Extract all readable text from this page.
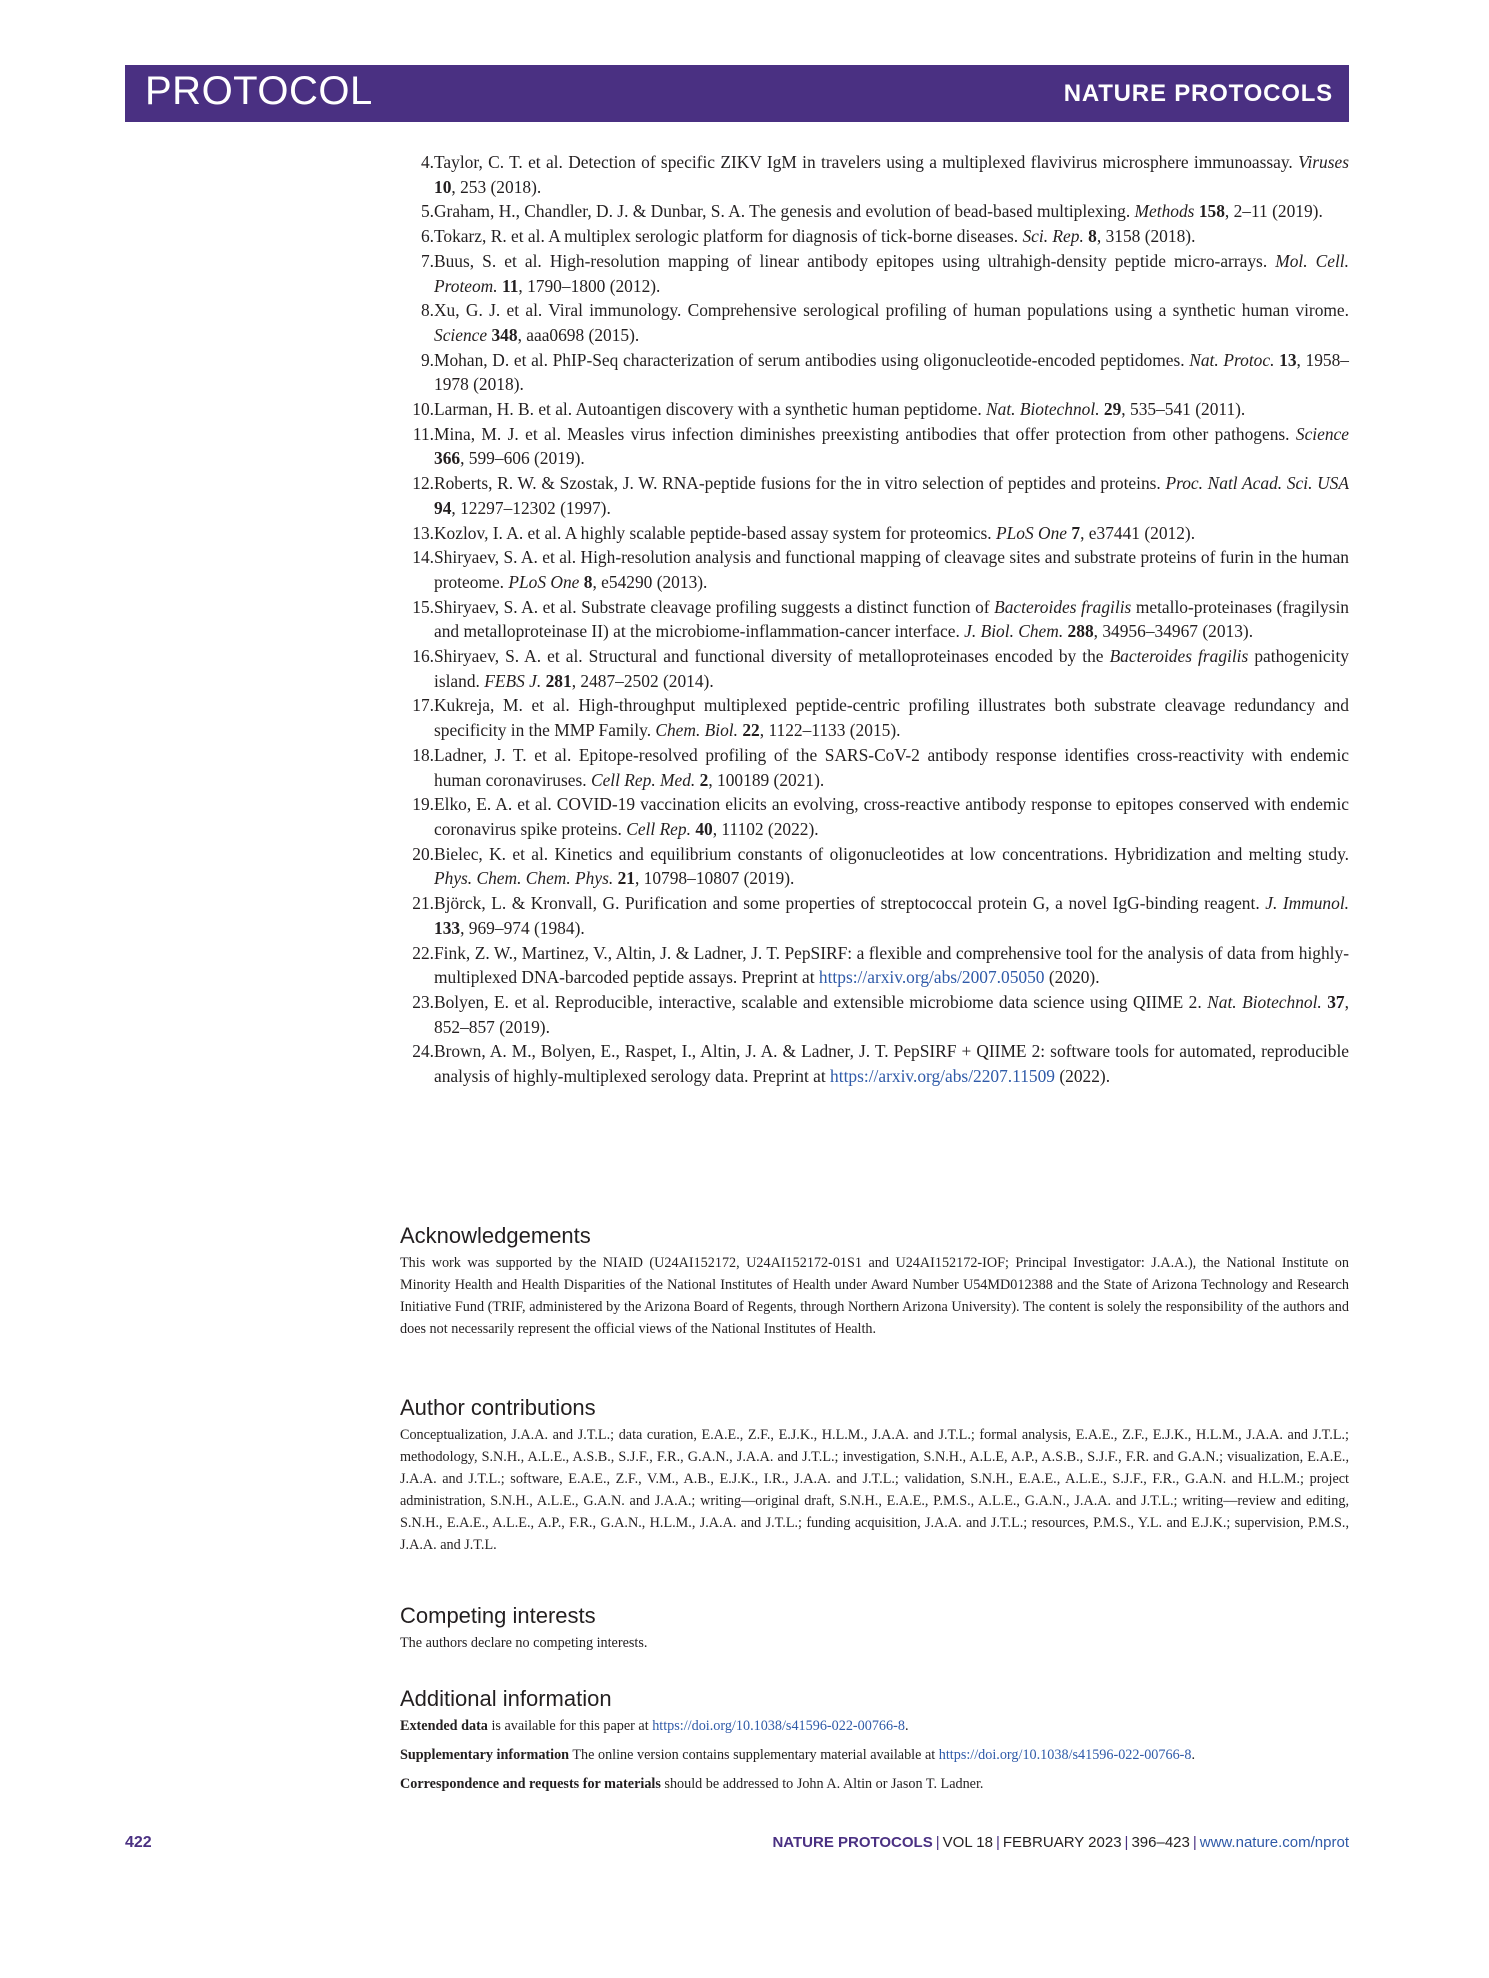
PROTOCOL	NATURE PROTOCOLS
4. Taylor, C. T. et al. Detection of specific ZIKV IgM in travelers using a multiplexed flavivirus microsphere immunoassay. Viruses 10, 253 (2018).
5. Graham, H., Chandler, D. J. & Dunbar, S. A. The genesis and evolution of bead-based multiplexing. Methods 158, 2–11 (2019).
6. Tokarz, R. et al. A multiplex serologic platform for diagnosis of tick-borne diseases. Sci. Rep. 8, 3158 (2018).
7. Buus, S. et al. High-resolution mapping of linear antibody epitopes using ultrahigh-density peptide micro-arrays. Mol. Cell. Proteom. 11, 1790–1800 (2012).
8. Xu, G. J. et al. Viral immunology. Comprehensive serological profiling of human populations using a synthetic human virome. Science 348, aaa0698 (2015).
9. Mohan, D. et al. PhIP-Seq characterization of serum antibodies using oligonucleotide-encoded peptidomes. Nat. Protoc. 13, 1958–1978 (2018).
10. Larman, H. B. et al. Autoantigen discovery with a synthetic human peptidome. Nat. Biotechnol. 29, 535–541 (2011).
11. Mina, M. J. et al. Measles virus infection diminishes preexisting antibodies that offer protection from other pathogens. Science 366, 599–606 (2019).
12. Roberts, R. W. & Szostak, J. W. RNA-peptide fusions for the in vitro selection of peptides and proteins. Proc. Natl Acad. Sci. USA 94, 12297–12302 (1997).
13. Kozlov, I. A. et al. A highly scalable peptide-based assay system for proteomics. PLoS One 7, e37441 (2012).
14. Shiryaev, S. A. et al. High-resolution analysis and functional mapping of cleavage sites and substrate proteins of furin in the human proteome. PLoS One 8, e54290 (2013).
15. Shiryaev, S. A. et al. Substrate cleavage profiling suggests a distinct function of Bacteroides fragilis metallo-proteinases (fragilysin and metalloproteinase II) at the microbiome-inflammation-cancer interface. J. Biol. Chem. 288, 34956–34967 (2013).
16. Shiryaev, S. A. et al. Structural and functional diversity of metalloproteinases encoded by the Bacteroides fragilis pathogenicity island. FEBS J. 281, 2487–2502 (2014).
17. Kukreja, M. et al. High-throughput multiplexed peptide-centric profiling illustrates both substrate cleavage redundancy and specificity in the MMP Family. Chem. Biol. 22, 1122–1133 (2015).
18. Ladner, J. T. et al. Epitope-resolved profiling of the SARS-CoV-2 antibody response identifies cross-reactivity with endemic human coronaviruses. Cell Rep. Med. 2, 100189 (2021).
19. Elko, E. A. et al. COVID-19 vaccination elicits an evolving, cross-reactive antibody response to epitopes conserved with endemic coronavirus spike proteins. Cell Rep. 40, 11102 (2022).
20. Bielec, K. et al. Kinetics and equilibrium constants of oligonucleotides at low concentrations. Hybridization and melting study. Phys. Chem. Chem. Phys. 21, 10798–10807 (2019).
21. Björck, L. & Kronvall, G. Purification and some properties of streptococcal protein G, a novel IgG-binding reagent. J. Immunol. 133, 969–974 (1984).
22. Fink, Z. W., Martinez, V., Altin, J. & Ladner, J. T. PepSIRF: a flexible and comprehensive tool for the analysis of data from highly-multiplexed DNA-barcoded peptide assays. Preprint at https://arxiv.org/abs/2007.05050 (2020).
23. Bolyen, E. et al. Reproducible, interactive, scalable and extensible microbiome data science using QIIME 2. Nat. Biotechnol. 37, 852–857 (2019).
24. Brown, A. M., Bolyen, E., Raspet, I., Altin, J. A. & Ladner, J. T. PepSIRF + QIIME 2: software tools for automated, reproducible analysis of highly-multiplexed serology data. Preprint at https://arxiv.org/abs/2207.11509 (2022).
Acknowledgements

This work was supported by the NIAID (U24AI152172, U24AI152172-01S1 and U24AI152172-IOF; Principal Investigator: J.A.A.), the National Institute on Minority Health and Health Disparities of the National Institutes of Health under Award Number U54MD012388 and the State of Arizona Technology and Research Initiative Fund (TRIF, administered by the Arizona Board of Regents, through Northern Arizona University). The content is solely the responsibility of the authors and does not necessarily represent the official views of the National Institutes of Health.

Author contributions

Conceptualization, J.A.A. and J.T.L.; data curation, E.A.E., Z.F., E.J.K., H.L.M., J.A.A. and J.T.L.; formal analysis, E.A.E., Z.F., E.J.K., H.L.M., J.A.A. and J.T.L.; methodology, S.N.H., A.L.E., A.S.B., S.J.F., F.R., G.A.N., J.A.A. and J.T.L.; investigation, S.N.H., A.L.E, A.P., A.S.B., S.J.F., F.R. and G.A.N.; visualization, E.A.E., J.A.A. and J.T.L.; software, E.A.E., Z.F., V.M., A.B., E.J.K., I.R., J.A.A. and J.T.L.; validation, S.N.H., E.A.E., A.L.E., S.J.F., F.R., G.A.N. and H.L.M.; project administration, S.N.H., A.L.E., G.A.N. and J.A.A.; writing—original draft, S.N.H., E.A.E., P.M.S., A.L.E., G.A.N., J.A.A. and J.T.L.; writing—review and editing, S.N.H., E.A.E., A.L.E., A.P., F.R., G.A.N., H.L.M., J.A.A. and J.T.L.; funding acquisition, J.A.A. and J.T.L.; resources, P.M.S., Y.L. and E.J.K.; supervision, P.M.S., J.A.A. and J.T.L.

Competing interests

The authors declare no competing interests.

Additional information

Extended data is available for this paper at https://doi.org/10.1038/s41596-022-00766-8.

Supplementary information The online version contains supplementary material available at https://doi.org/10.1038/s41596-022-00766-8.

Correspondence and requests for materials should be addressed to John A. Altin or Jason T. Ladner.

422	NATURE PROTOCOLS | VOL 18 | FEBRUARY 2023 | 396–423 | www.nature.com/nprot
